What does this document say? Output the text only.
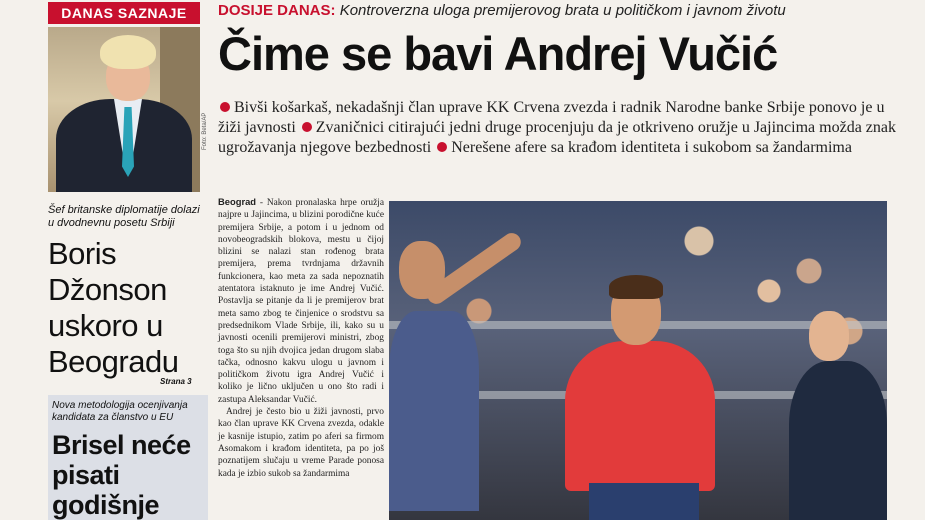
DANAS SAZNAJE
Foto: Beta/AP
Šef britanske diplomatije dolazi u dvodnevnu posetu Srbiji
Boris Džonson uskoro u Beogradu
Strana 3
Nova metodologija ocenjivanja kandidata za članstvo u EU
Brisel neće pisati godišnje
DOSIJE DANAS: Kontroverzna uloga premijerovog brata u političkom i javnom životu
Čime se bavi Andrej Vučić
Bivši košarkaš, nekadašnji član uprave KK Crvena zvezda i radnik Narodne banke Srbije ponovo je u žiži javnosti Zvaničnici citirajući jedni druge procenjuju da je otkriveno oružje u Jajincima možda znak ugrožavanja njegove bezbednosti Nerešene afere sa krađom identiteta i sukobom sa žandarmima

Beograd - Nakon pronalaska hrpe oružja najpre u Jajincima, u blizini porodične kuće premijera Srbije, a potom i u jednom od novobeogradskih blokova, mestu u čijoj blizini se nalazi stan rođenog brata premijera, prema tvrdnjama državnih funkcionera, kao meta za sada nepoznatih atentatora istaknuto je ime Andrej Vučić. Postavlja se pitanje da li je premijerov brat meta samo zbog te činjenice o srodstvu sa predsednikom Vlade Srbije, ili, kako su u javnosti ocenili premijerovi ministri, zbog toga što su njih dvojica jedan drugom slaba tačka, odnosno kakvu ulogu u javnom i političkom životu igra Andrej Vučić i koliko je lično uključen u ono što radi i zastupa Aleksandar Vučić.

Andrej je često bio u žiži javnosti, prvo kao član uprave KK Crvena zvezda, odakle je kasnije istupio, zatim po aferi sa firmom Asomakom i krađom identiteta, pa po još poznatijem slučaju u vreme Parade ponosa kada je izbio sukob sa žandarmima
